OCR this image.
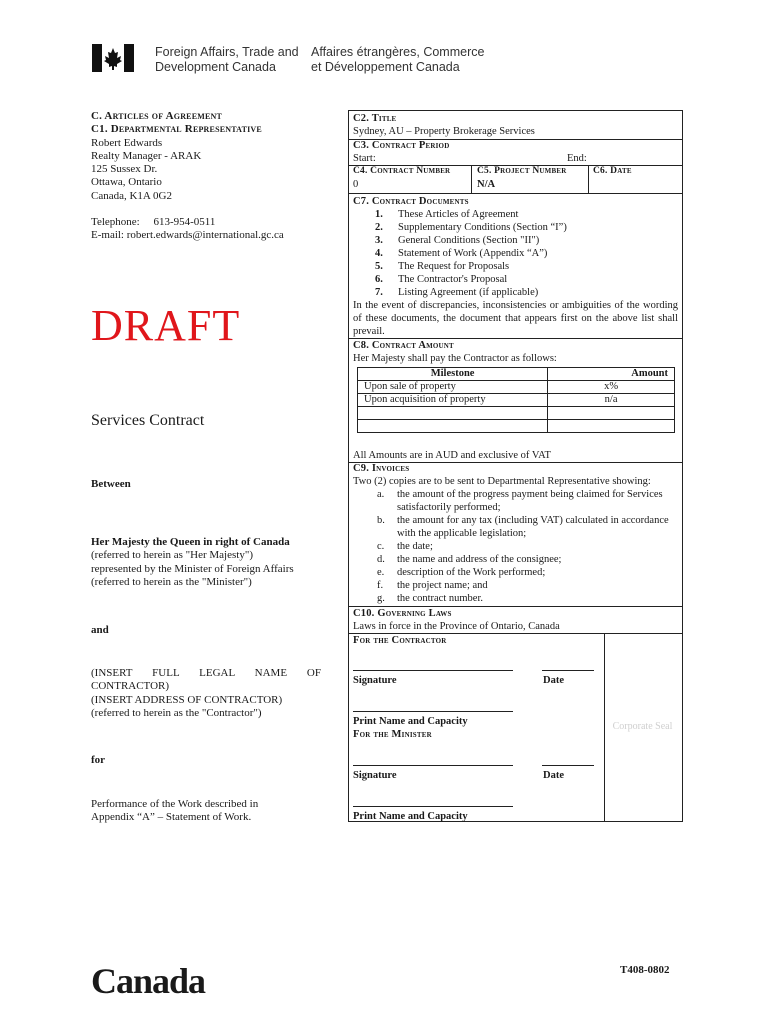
Foreign Affairs, Trade and
Development Canada
Affaires étrangères, Commerce
et Développement Canada
C. Articles of Agreement
C1. Departmental Representative
Robert Edwards
Realty Manager - ARAK
125 Sussex Dr.
Ottawa, Ontario
Canada, K1A 0G2
Telephone:     613-954-0511
E-mail: robert.edwards@international.gc.ca
DRAFT
Services Contract
Between
Her Majesty the Queen in right of Canada
(referred to herein as "Her Majesty")
represented by the Minister of Foreign Affairs
(referred to herein as the "Minister")
and
(INSERT   FULL   LEGAL   NAME   OF CONTRACTOR)
(INSERT ADDRESS OF CONTRACTOR)
(referred to herein as the "Contractor")
for
Performance of the Work described in Appendix “A” – Statement of Work.
C2. Title
Sydney, AU – Property Brokerage Services
C3. Contract Period
Start:	End:
C4. Contract Number
0
C5. Project Number
N/A
C6. Date
C7. Contract Documents
1. These Articles of Agreement
2. Supplementary Conditions (Section “I”)
3. General Conditions (Section "II")
4. Statement of Work (Appendix “A”)
5. The Request for Proposals
6. The Contractor's Proposal
7. Listing Agreement (if applicable)
In the event of discrepancies, inconsistencies or ambiguities of the wording of these documents, the document that appears first on the above list shall prevail.
C8. Contract Amount
Her Majesty shall pay the Contractor as follows:
Milestone	Amount
Upon sale of property	x%
Upon acquisition of property	n/a

All Amounts are in AUD and exclusive of VAT
C9. Invoices
Two (2) copies are to be sent to Departmental Representative showing:
a. the amount of the progress payment being claimed for Services satisfactorily performed;
b. the amount for any tax (including VAT) calculated in accordance with the applicable legislation;
c. the date;
d. the name and address of the consignee;
e. description of the Work performed;
f. the project name; and
g. the contract number.
C10. Governing Laws
Laws in force in the Province of Ontario, Canada
For the Contractor
Signature	Date
Print Name and Capacity
For the Minister
Signature	Date
Print Name and Capacity
Corporate Seal
Canada	T408-0802
